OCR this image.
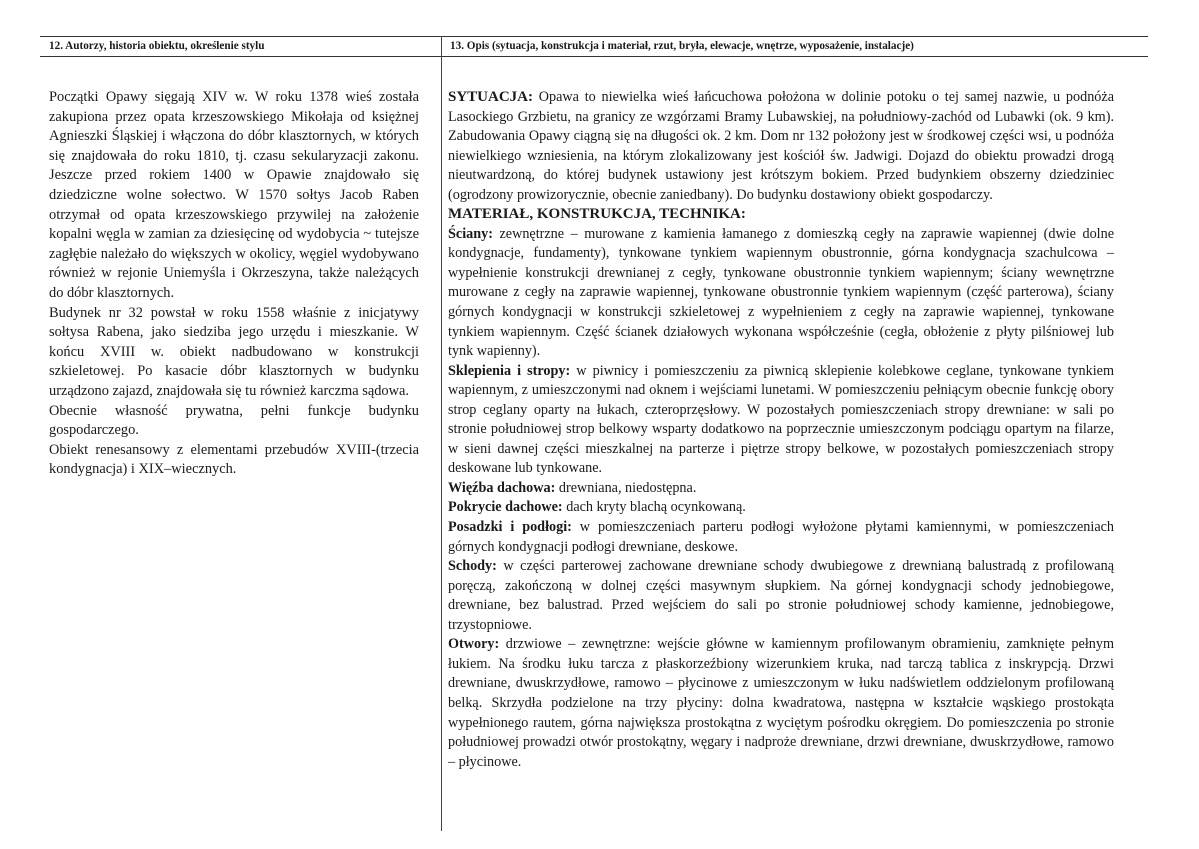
12. Autorzy, historia obiektu, określenie stylu	13. Opis (sytuacja, konstrukcja i materiał, rzut, bryła, elewacje, wnętrze, wyposażenie, instalacje)

Początki Opawy sięgają XIV w. W roku 1378 wieś została zakupiona przez opata krzeszowskiego Mikołaja od księżnej Agnieszki Śląskiej i włączona do dóbr klasztornych, w których się znajdowała do roku 1810, tj. czasu sekularyzacji zakonu. Jeszcze przed rokiem 1400 w Opawie znajdowało się dziedziczne wolne sołectwo. W 1570 sołtys Jacob Raben otrzymał od opata krzeszowskiego przywilej na założenie kopalni węgla w zamian za dziesięcinę od wydobycia ~ tutejsze zagłębie należało do większych w okolicy, węgiel wydobywano również w rejonie Uniemyśla i Okrzeszyna, także należących do dóbr klasztornych.

Budynek nr 32 powstał w roku 1558 właśnie z inicjatywy sołtysa Rabena, jako siedziba jego urzędu i mieszkanie. W końcu XVIII w. obiekt nadbudowano w konstrukcji szkieletowej. Po kasacie dóbr klasztornych w budynku urządzono zajazd, znajdowała się tu również karczma sądowa.

Obecnie własność prywatna, pełni funkcje budynku gospodarczego.

Obiekt renesansowy z elementami przebudów XVIII-(trzecia kondygnacja) i XIX–wiecznych.

SYTUACJA: Opawa to niewielka wieś łańcuchowa położona w dolinie potoku o tej samej nazwie, u podnóża Lasockiego Grzbietu, na granicy ze wzgórzami Bramy Lubawskiej, na południowy-zachód od Lubawki (ok. 9 km). Zabudowania Opawy ciągną się na długości ok. 2 km. Dom nr 132 położony jest w środkowej części wsi, u podnóża niewielkiego wzniesienia, na którym zlokalizowany jest kościół św. Jadwigi. Dojazd do obiektu prowadzi drogą nieutwardzoną, do której budynek ustawiony jest krótszym bokiem. Przed budynkiem obszerny dziedziniec (ogrodzony prowizorycznie, obecnie zaniedbany). Do budynku dostawiony obiekt gospodarczy.

MATERIAŁ, KONSTRUKCJA, TECHNIKA:

Ściany: zewnętrzne – murowane z kamienia łamanego z domieszką cegły na zaprawie wapiennej (dwie dolne kondygnacje, fundamenty), tynkowane tynkiem wapiennym obustronnie, górna kondygnacja szachulcowa – wypełnienie konstrukcji drewnianej z cegły, tynkowane obustronnie tynkiem wapiennym; ściany wewnętrzne murowane z cegły na zaprawie wapiennej, tynkowane obustronnie tynkiem wapiennym (część parterowa), ściany górnych kondygnacji w konstrukcji szkieletowej z wypełnieniem z cegły na zaprawie wapiennej, tynkowane tynkiem wapiennym. Część ścianek działowych wykonana współcześnie (cegła, obłożenie z płyty pilśniowej lub tynk wapienny).

Sklepienia i stropy: w piwnicy i pomieszczeniu za piwnicą sklepienie kolebkowe ceglane, tynkowane tynkiem wapiennym, z umieszczonymi nad oknem i wejściami lunetami. W pomieszczeniu pełniącym obecnie funkcję obory strop ceglany oparty na łukach, czteroprzęsłowy. W pozostałych pomieszczeniach stropy drewniane: w sali po stronie południowej strop belkowy wsparty dodatkowo na poprzecznie umieszczonym podciągu opartym na filarze, w sieni dawnej części mieszkalnej na parterze i piętrze stropy belkowe, w pozostałych pomieszczeniach stropy deskowane lub tynkowane.

Więźba dachowa: drewniana, niedostępna.

Pokrycie dachowe: dach kryty blachą ocynkowaną.

Posadzki i podłogi: w pomieszczeniach parteru podłogi wyłożone płytami kamiennymi, w pomieszczeniach górnych kondygnacji podłogi drewniane, deskowe.

Schody: w części parterowej zachowane drewniane schody dwubiegowe z drewnianą balustradą z profilowaną poręczą, zakończoną w dolnej części masywnym słupkiem. Na górnej kondygnacji schody jednobiegowe, drewniane, bez balustrad. Przed wejściem do sali po stronie południowej schody kamienne, jednobiegowe, trzystopniowe.

Otwory: drzwiowe – zewnętrzne: wejście główne w kamiennym profilowanym obramieniu, zamknięte pełnym łukiem. Na środku łuku tarcza z płaskorzeźbiony wizerunkiem kruka, nad tarczą tablica z inskrypcją. Drzwi drewniane, dwuskrzydłowe, ramowo – płycinowe z umieszczonym w łuku nadświetlem oddzielonym profilowaną belką. Skrzydła podzielone na trzy płyciny: dolna kwadratowa, następna w kształcie wąskiego prostokąta wypełnionego rautem, górna największa prostokątna z wyciętym pośrodku okręgiem. Do pomieszczenia po stronie południowej prowadzi otwór prostokątny, węgary i nadproże drewniane, drzwi drewniane, dwuskrzydłowe, ramowo – płycinowe.
